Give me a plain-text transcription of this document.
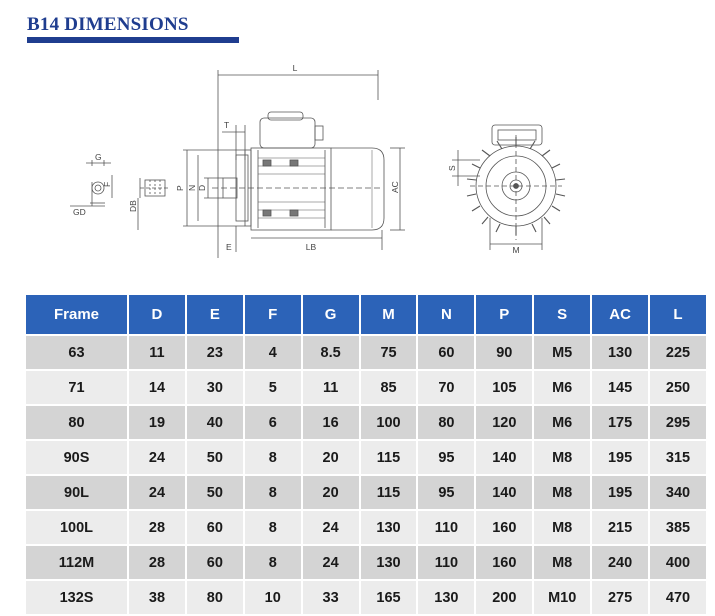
B14 DIMENSIONS
L
T
G
F
GD	DB
P N D	AC
E	LB
S
M
Frame	D	E	F	G	M	N	P	S	AC	L
63	11	23	4	8.5	75	60	90	M5	130	225
71	14	30	5	11	85	70	105	M6	145	250
80	19	40	6	16	100	80	120	M6	175	295
90S	24	50	8	20	115	95	140	M8	195	315
90L	24	50	8	20	115	95	140	M8	195	340
100L	28	60	8	24	130	110	160	M8	215	385
112M	28	60	8	24	130	110	160	M8	240	400
132S	38	80	10	33	165	130	200	M10	275	470
